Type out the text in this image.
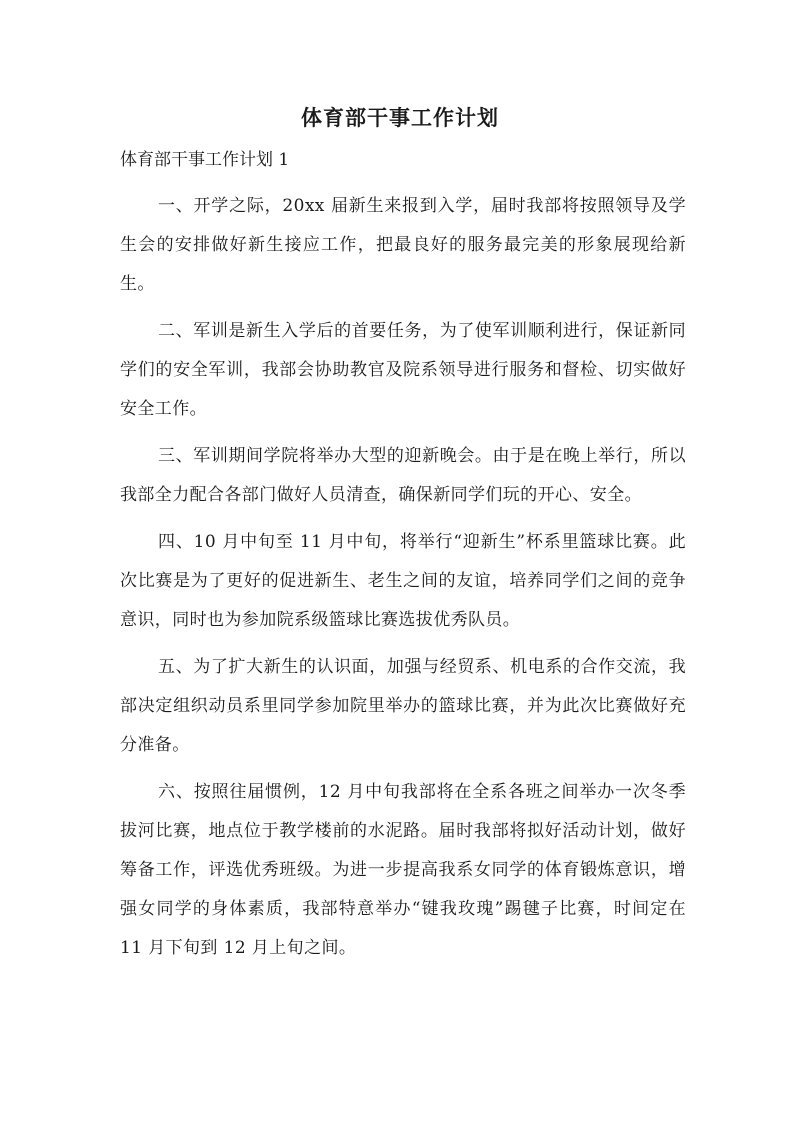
体育部干事工作计划
体育部干事工作计划 1

一、开学之际，20xx 届新生来报到入学，届时我部将按照领导及学生会的安排做好新生接应工作，把最良好的服务最完美的形象展现给新生。

二、军训是新生入学后的首要任务，为了使军训顺利进行，保证新同学们的安全军训，我部会协助教官及院系领导进行服务和督检、切实做好安全工作。

三、军训期间学院将举办大型的迎新晚会。由于是在晚上举行，所以我部全力配合各部门做好人员清查，确保新同学们玩的开心、安全。

四、10 月中旬至 11 月中旬，将举行“迎新生”杯系里篮球比赛。此次比赛是为了更好的促进新生、老生之间的友谊，培养同学们之间的竞争意识，同时也为参加院系级篮球比赛选拔优秀队员。

五、为了扩大新生的认识面，加强与经贸系、机电系的合作交流，我部决定组织动员系里同学参加院里举办的篮球比赛，并为此次比赛做好充分准备。

六、按照往届惯例，12 月中旬我部将在全系各班之间举办一次冬季拔河比赛，地点位于教学楼前的水泥路。届时我部将拟好活动计划，做好筹备工作，评选优秀班级。为进一步提高我系女同学的体育锻炼意识，增强女同学的身体素质，我部特意举办“键我玫瑰”踢毽子比赛，时间定在 11 月下旬到 12 月上旬之间。
